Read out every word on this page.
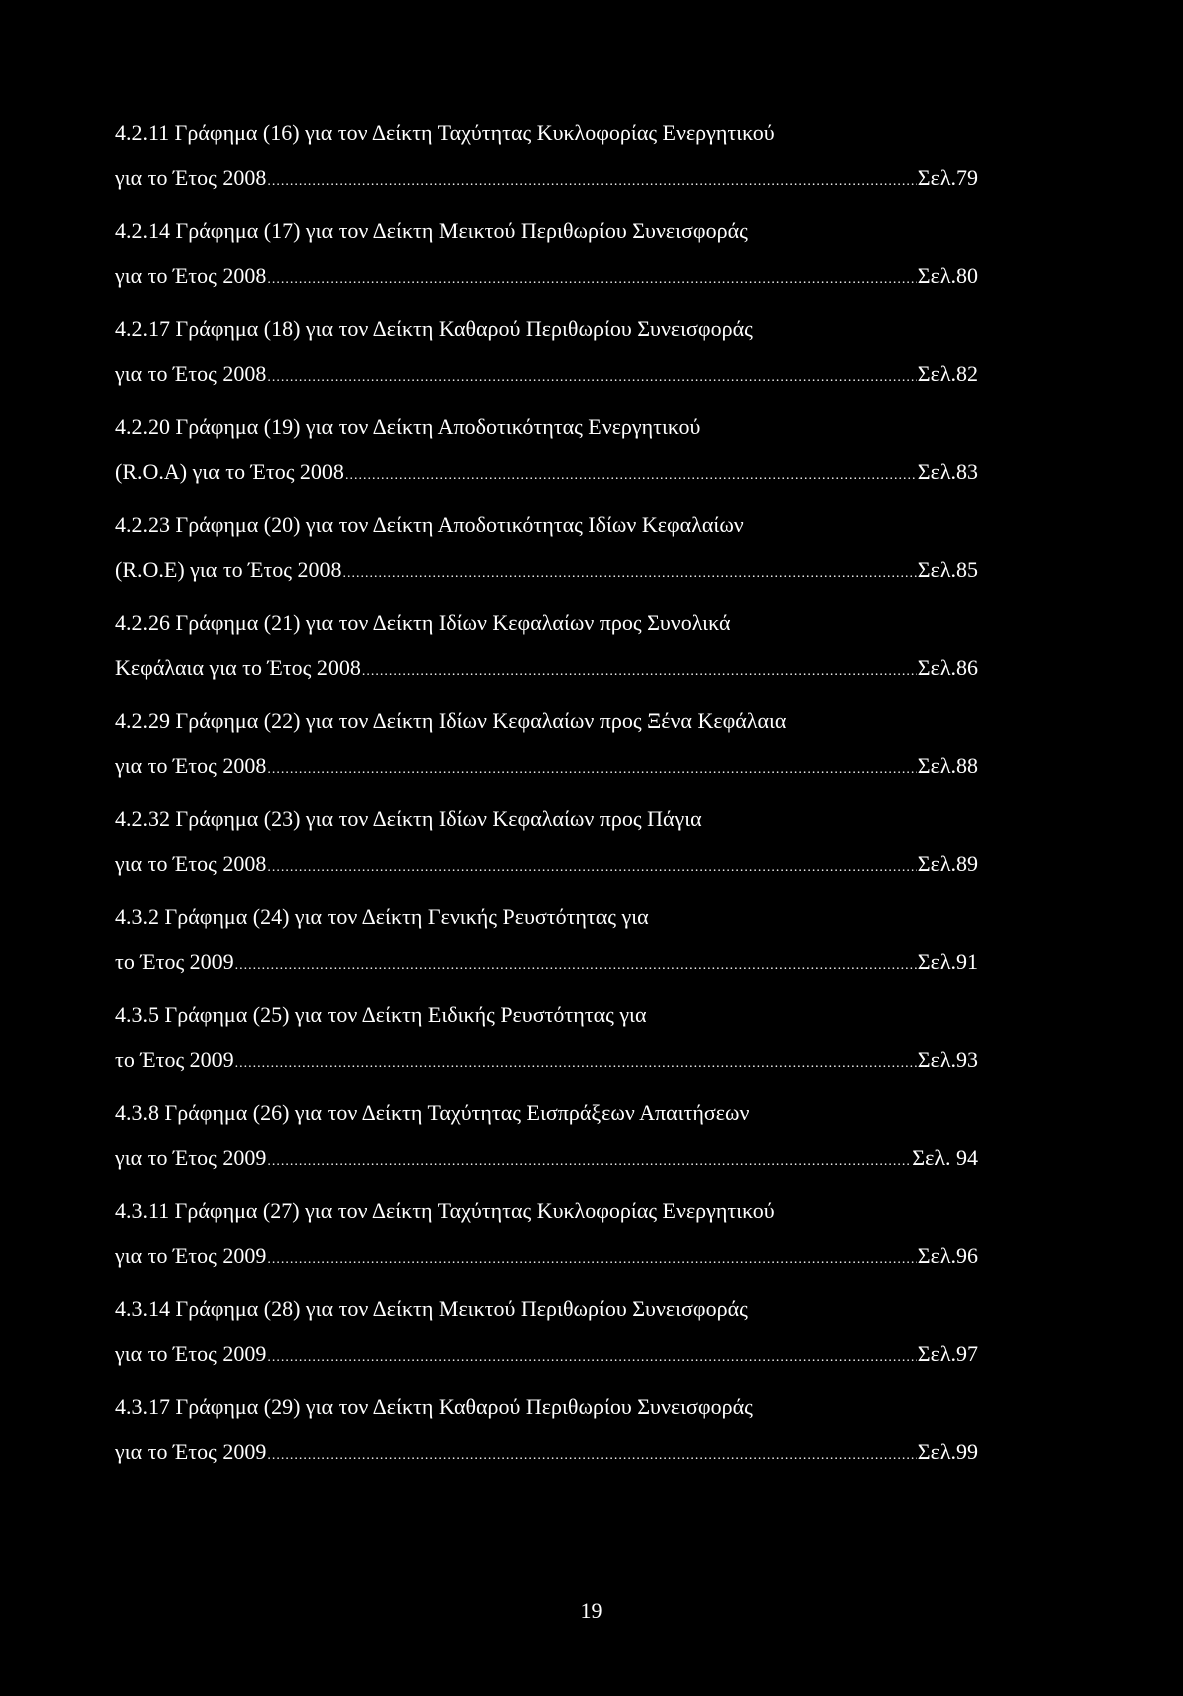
4.2.11 Γράφημα (16) για τον Δείκτη Ταχύτητας Κυκλοφορίας Ενεργητικού
για το Έτος 2008 .....	Σελ.79
4.2.14 Γράφημα (17) για τον Δείκτη Μεικτού Περιθωρίου Συνεισφοράς
για το Έτος 2008 .....	Σελ.80
4.2.17 Γράφημα (18) για τον Δείκτη Καθαρού Περιθωρίου Συνεισφοράς
για το Έτος 2008 .....	Σελ.82
4.2.20 Γράφημα (19) για τον Δείκτη Αποδοτικότητας Ενεργητικού
(R.O.A) για το Έτος 2008 .....	Σελ.83
4.2.23 Γράφημα (20) για τον Δείκτη Αποδοτικότητας Ιδίων Κεφαλαίων
(R.O.E) για το Έτος 2008 .....	Σελ.85
4.2.26 Γράφημα (21) για τον Δείκτη Ιδίων Κεφαλαίων προς Συνολικά
Κεφάλαια για το Έτος 2008 .....	Σελ.86
4.2.29 Γράφημα (22) για τον Δείκτη Ιδίων Κεφαλαίων προς Ξένα Κεφάλαια
για το Έτος 2008 .....	Σελ.88
4.2.32 Γράφημα (23) για τον Δείκτη Ιδίων Κεφαλαίων προς Πάγια
για το Έτος 2008 .....	Σελ.89
4.3.2 Γράφημα (24) για τον Δείκτη Γενικής Ρευστότητας για
το Έτος 2009 .....	Σελ.91
4.3.5 Γράφημα (25) για τον Δείκτη Ειδικής Ρευστότητας για
το Έτος 2009 .....	Σελ.93
4.3.8 Γράφημα (26) για τον Δείκτη Ταχύτητας Εισπράξεων Απαιτήσεων
για το Έτος 2009 .....	Σελ. 94
4.3.11 Γράφημα (27) για τον Δείκτη Ταχύτητας Κυκλοφορίας Ενεργητικού
για το Έτος 2009 .....	Σελ.96
4.3.14 Γράφημα (28) για τον Δείκτη Μεικτού Περιθωρίου Συνεισφοράς
για το Έτος 2009 .....	Σελ.97
4.3.17 Γράφημα (29) για τον Δείκτη Καθαρού Περιθωρίου Συνεισφοράς
για το Έτος 2009 .....	Σελ.99
19
